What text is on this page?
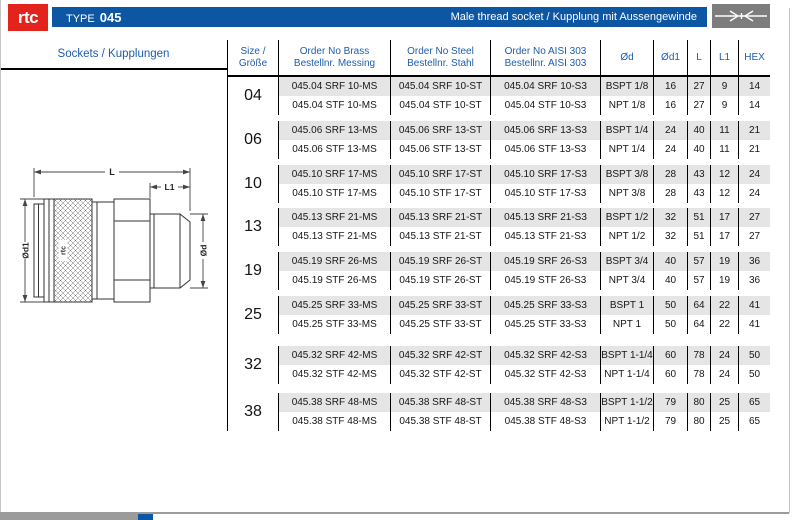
rtc	TYPE 045	Male thread socket / Kupplung mit Aussengewinde
Sockets / Kupplungen
rtc
L
L1
Ød1	Ød
Size / Größe
Order No Brass
Bestellnr. Messing
Order No Steel
Bestellnr. Stahl
Order No AISI 303
Bestellnr. AISI 303
Ød	Ød1 L L1 HEX
04
045.04 SRF 10-MS	045.04 SRF 10-ST	045.04 SRF 10-S3	BSPT 1/8	16	27	9	14
045.04 STF 10-MS	045.04 STF 10-ST	045.04 STF 10-S3	NPT 1/8	16	27	9	14
06
045.06 SRF 13-MS	045.06 SRF 13-ST	045.06 SRF 13-S3	BSPT 1/4	24	40	11	21
045.06 STF 13-MS	045.06 STF 13-ST	045.06 STF 13-S3	NPT 1/4	24	40	11	21
10
045.10 SRF 17-MS	045.10 SRF 17-ST	045.10 SRF 17-S3	BSPT 3/8	28	43	12	24
045.10 STF 17-MS	045.10 STF 17-ST	045.10 STF 17-S3	NPT 3/8	28	43	12	24
13
045.13 SRF 21-MS	045.13 SRF 21-ST	045.13 SRF 21-S3	BSPT 1/2	32	51	17	27
045.13 STF 21-MS	045.13 STF 21-ST	045.13 STF 21-S3	NPT 1/2	32	51	17	27
19
045.19 SRF 26-MS	045.19 SRF 26-ST	045.19 SRF 26-S3	BSPT 3/4	40	57	19	36
045.19 STF 26-MS	045.19 STF 26-ST	045.19 STF 26-S3	NPT 3/4	40	57	19	36
25
045.25 SRF 33-MS	045.25 SRF 33-ST	045.25 SRF 33-S3	BSPT 1	50	64	22	41
045.25 STF 33-MS	045.25 STF 33-ST	045.25 STF 33-S3	NPT 1	50	64	22	41
32
045.32 SRF 42-MS	045.32 SRF 42-ST	045.32 SRF 42-S3	BSPT 1-1/4	60	78	24	50
045.32 STF 42-MS	045.32 STF 42-ST	045.32 STF 42-S3	NPT 1-1/4	60	78	24	50
38
045.38 SRF 48-MS	045.38 SRF 48-ST	045.38 SRF 48-S3	BSPT 1-1/2	79	80	25	65
045.38 STF 48-MS	045.38 STF 48-ST	045.38 STF 48-S3	NPT 1-1/2	79	80	25	65
